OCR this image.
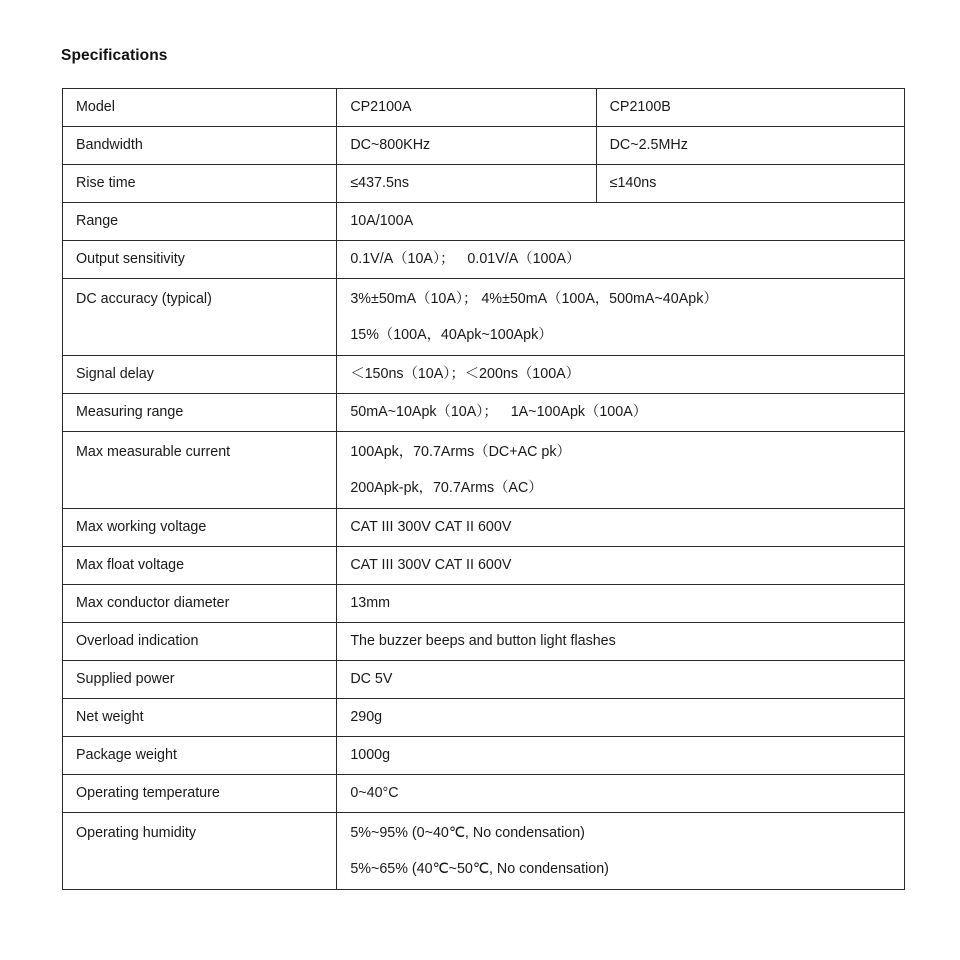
Specifications
Model	CP2100A	CP2100B
Bandwidth	DC~800KHz	DC~2.5MHz
Rise time	≤437.5ns	≤140ns
Range	10A/100A	
Output sensitivity	0.1V/A（10A）； 0.01V/A（100A）	

DC accuracy (typical)	3%±50mA（10A）； 4%±50mA（100A，500mA~40Apk）
15%（100A，40Apk~100Apk）	

Signal delay	＜150ns（10A）；＜200ns（100A）	
Measuring range	50mA~10Apk（10A）； 1A~100Apk（100A）	

Max measurable current	100Apk，70.7Arms（DC+AC pk）
200Apk-pk，70.7Arms（AC）	

Max working voltage	CAT III 300V CAT II 600V	
Max float voltage	CAT III 300V CAT II 600V	
Max conductor diameter	13mm	
Overload indication	The buzzer beeps and button light flashes	
Supplied power	DC 5V	
Net weight	290g	
Package weight	1000g	
Operating temperature	0~40°C	

Operating humidity	5%~95% (0~40℃, No condensation)
5%~65% (40℃~50℃, No condensation)	
